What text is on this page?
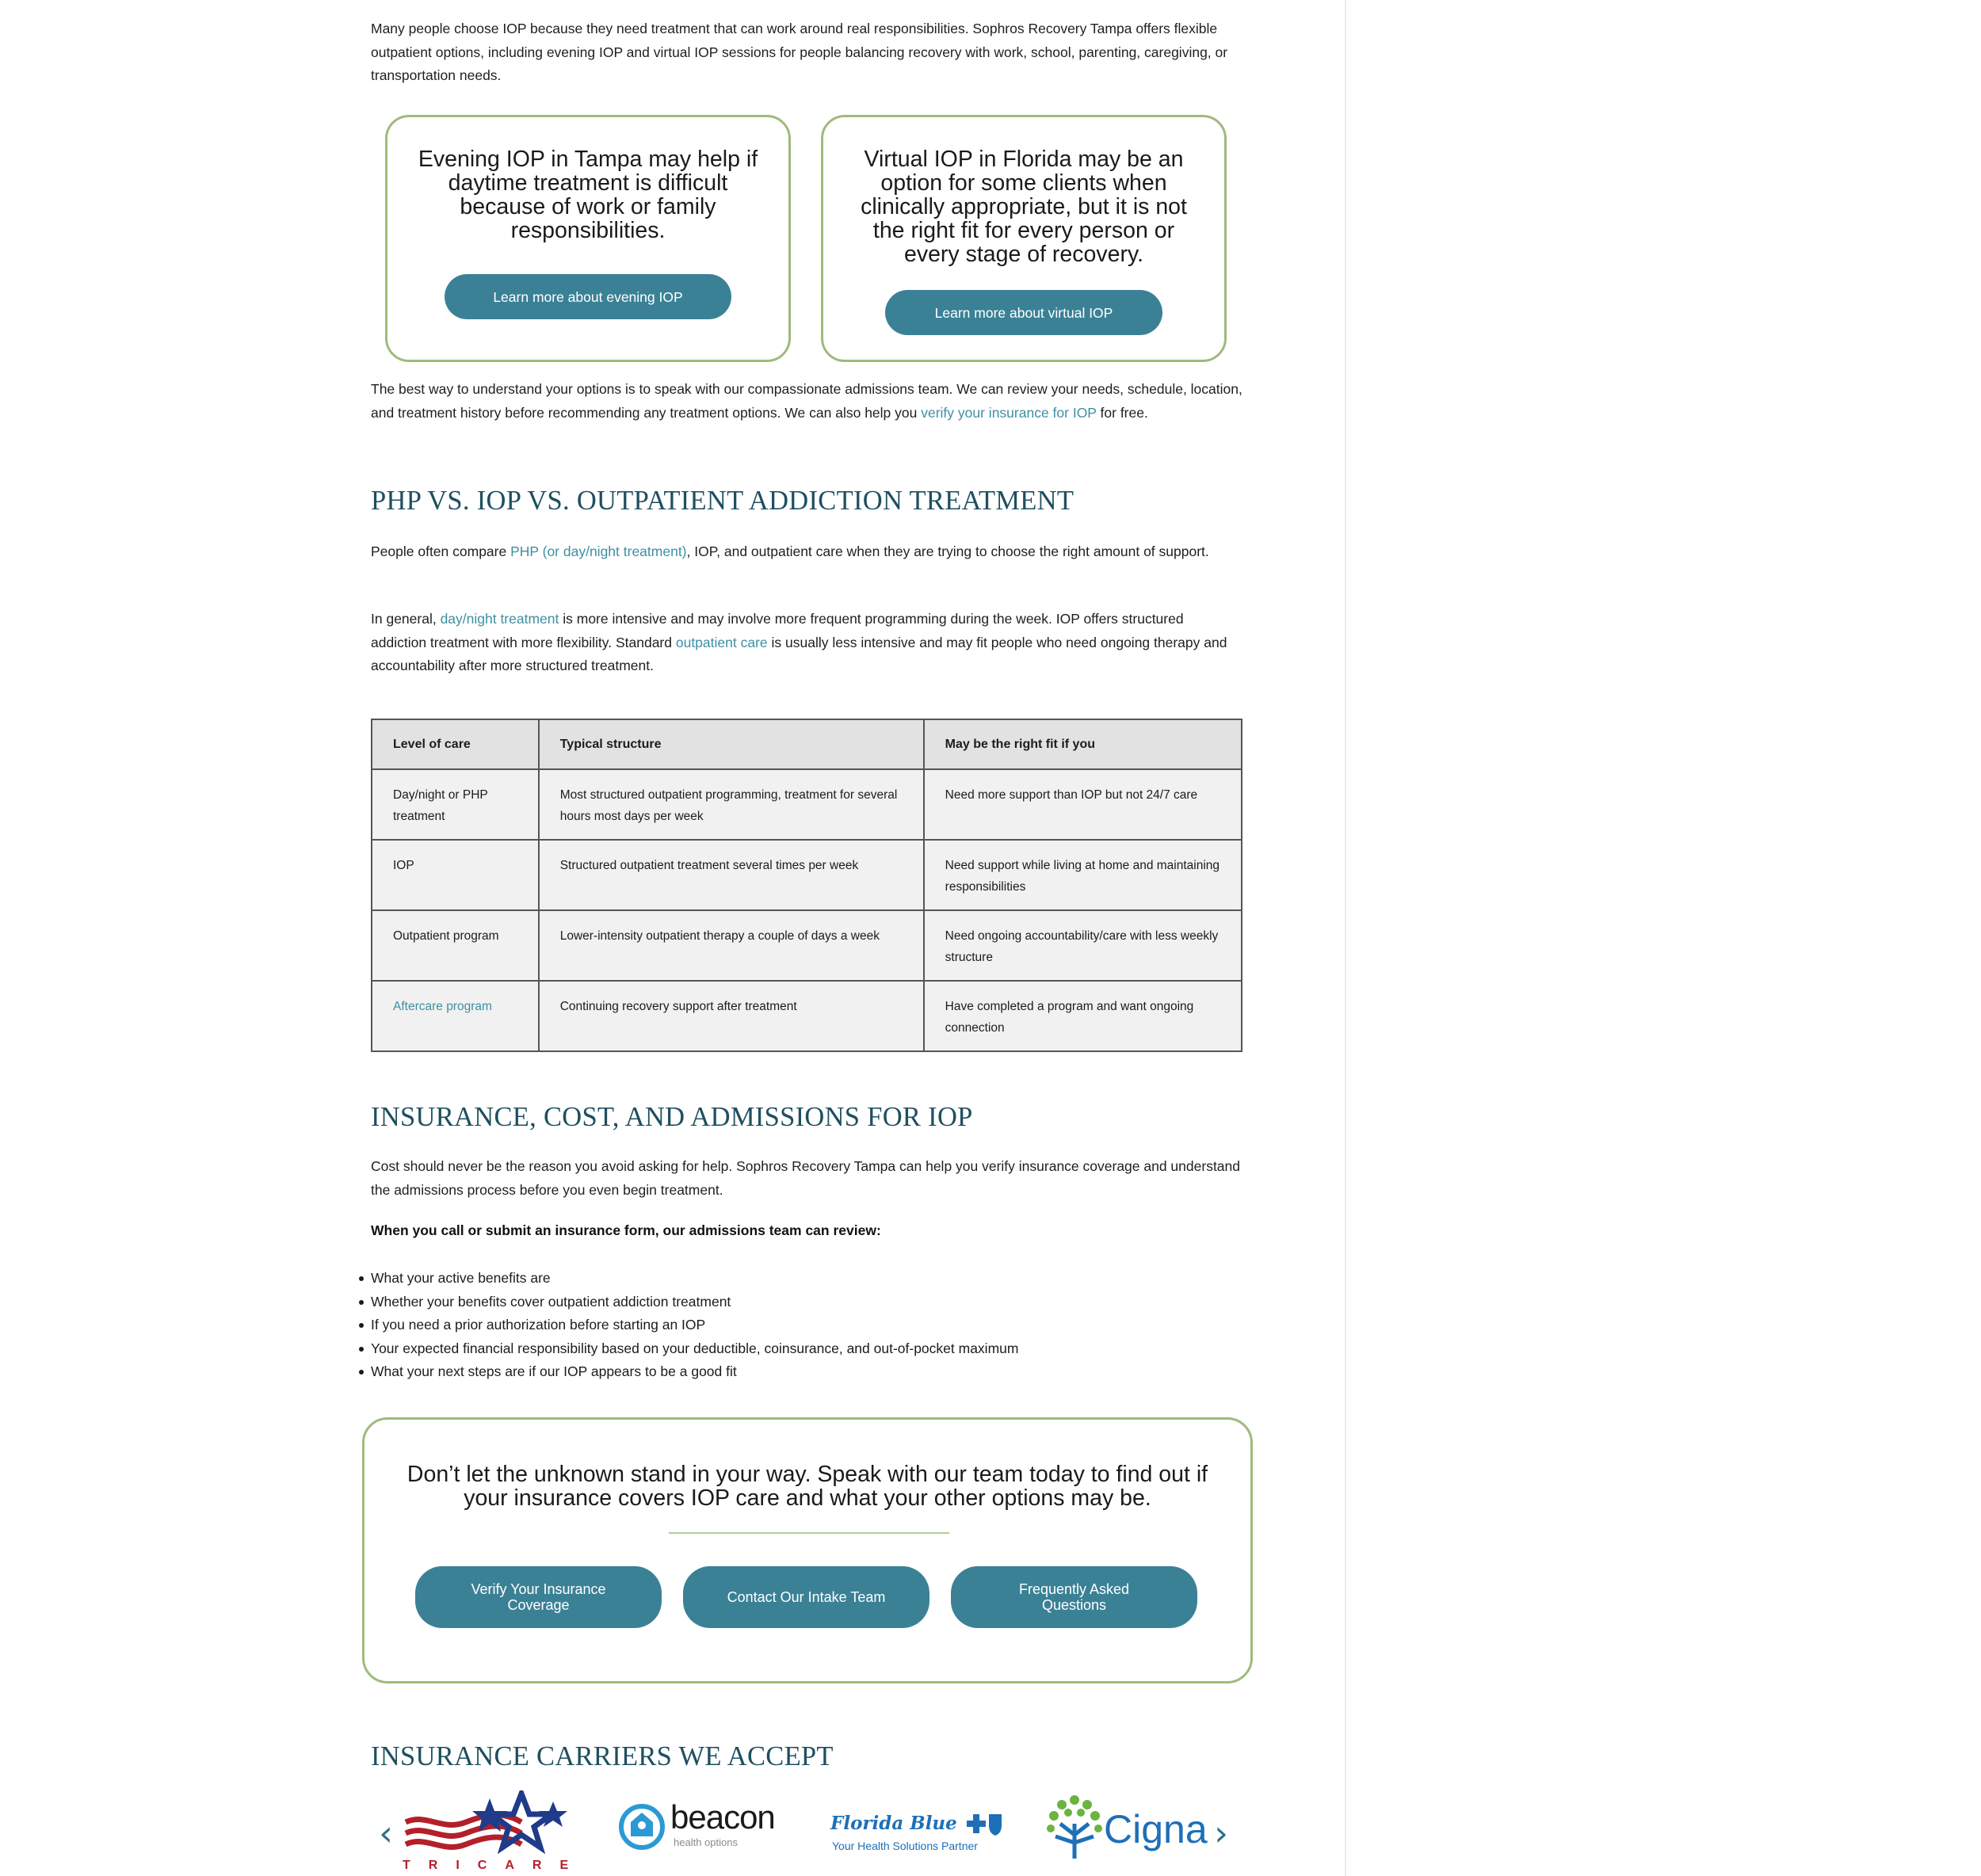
Many people choose IOP because they need treatment that can work around real responsibilities. Sophros Recovery Tampa offers flexible outpatient options, including evening IOP and virtual IOP sessions for people balancing recovery with work, school, parenting, caregiving, or transportation needs.

Evening IOP in Tampa may help if daytime treatment is difficult because of work or family responsibilities.
Learn more about evening IOP
Virtual IOP in Florida may be an option for some clients when clinically appropriate, but it is not the right fit for every person or every stage of recovery.
Learn more about virtual IOP

The best way to understand your options is to speak with our compassionate admissions team. We can review your needs, schedule, location, and treatment history before recommending any treatment options. We can also help you verify your insurance for IOP for free.

PHP VS. IOP VS. OUTPATIENT ADDICTION TREATMENT

People often compare PHP (or day/night treatment), IOP, and outpatient care when they are trying to choose the right amount of support.

In general, day/night treatment is more intensive and may involve more frequent programming during the week. IOP offers structured addiction treatment with more flexibility. Standard outpatient care is usually less intensive and may fit people who need ongoing therapy and accountability after more structured treatment.

Level of care	Typical structure	May be the right fit if you
Day/night or PHP treatment	Most structured outpatient programming, treatment for several hours most days per week	Need more support than IOP but not 24/7 care
IOP	Structured outpatient treatment several times per week	Need support while living at home and maintaining responsibilities
Outpatient program	Lower-intensity outpatient therapy a couple of days a week	Need ongoing accountability/care with less weekly structure
Aftercare program	Continuing recovery support after treatment	Have completed a program and want ongoing connection
INSURANCE, COST, AND ADMISSIONS FOR IOP

Cost should never be the reason you avoid asking for help. Sophros Recovery Tampa can help you verify insurance coverage and understand the admissions process before you even begin treatment.

When you call or submit an insurance form, our admissions team can review:

What your active benefits are
Whether your benefits cover outpatient addiction treatment
If you need a prior authorization before starting an IOP
Your expected financial responsibility based on your deductible, coinsurance, and out-of-pocket maximum
What your next steps are if our IOP appears to be a good fit
Don’t let the unknown stand in your way. Speak with our team today to find out if your insurance covers IOP care and what your other options may be.
Verify Your Insurance Coverage	Contact Our Intake Team	Frequently Asked Questions
INSURANCE CARRIERS WE ACCEPT
‹
TRICARE
beacon
health options
Florida Blue
Your Health Solutions Partner	Cigna ›
